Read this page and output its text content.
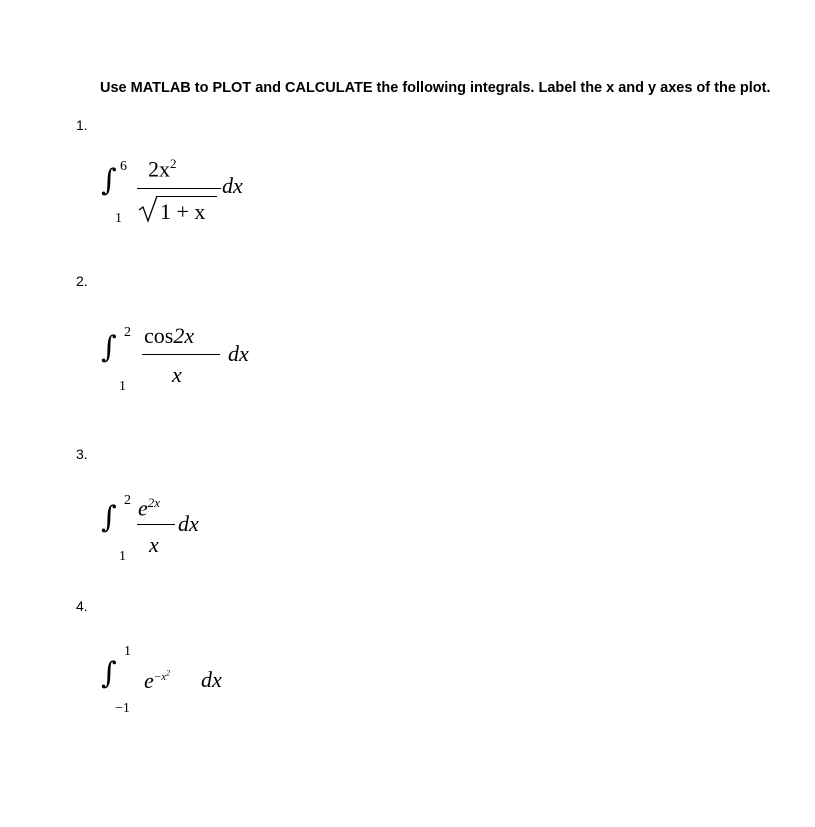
Use MATLAB to PLOT and CALCULATE the following integrals. Label the x and y axes of the plot.
1.
∫ 6
1
$2x^2$
1 + x
dx
2.
∫ 2
1
cos2x
x
dx
3.
∫ 2
1
$e^{2x}$
x
dx
4.
∫
1
−1
$e^{-x^2}$ dx
